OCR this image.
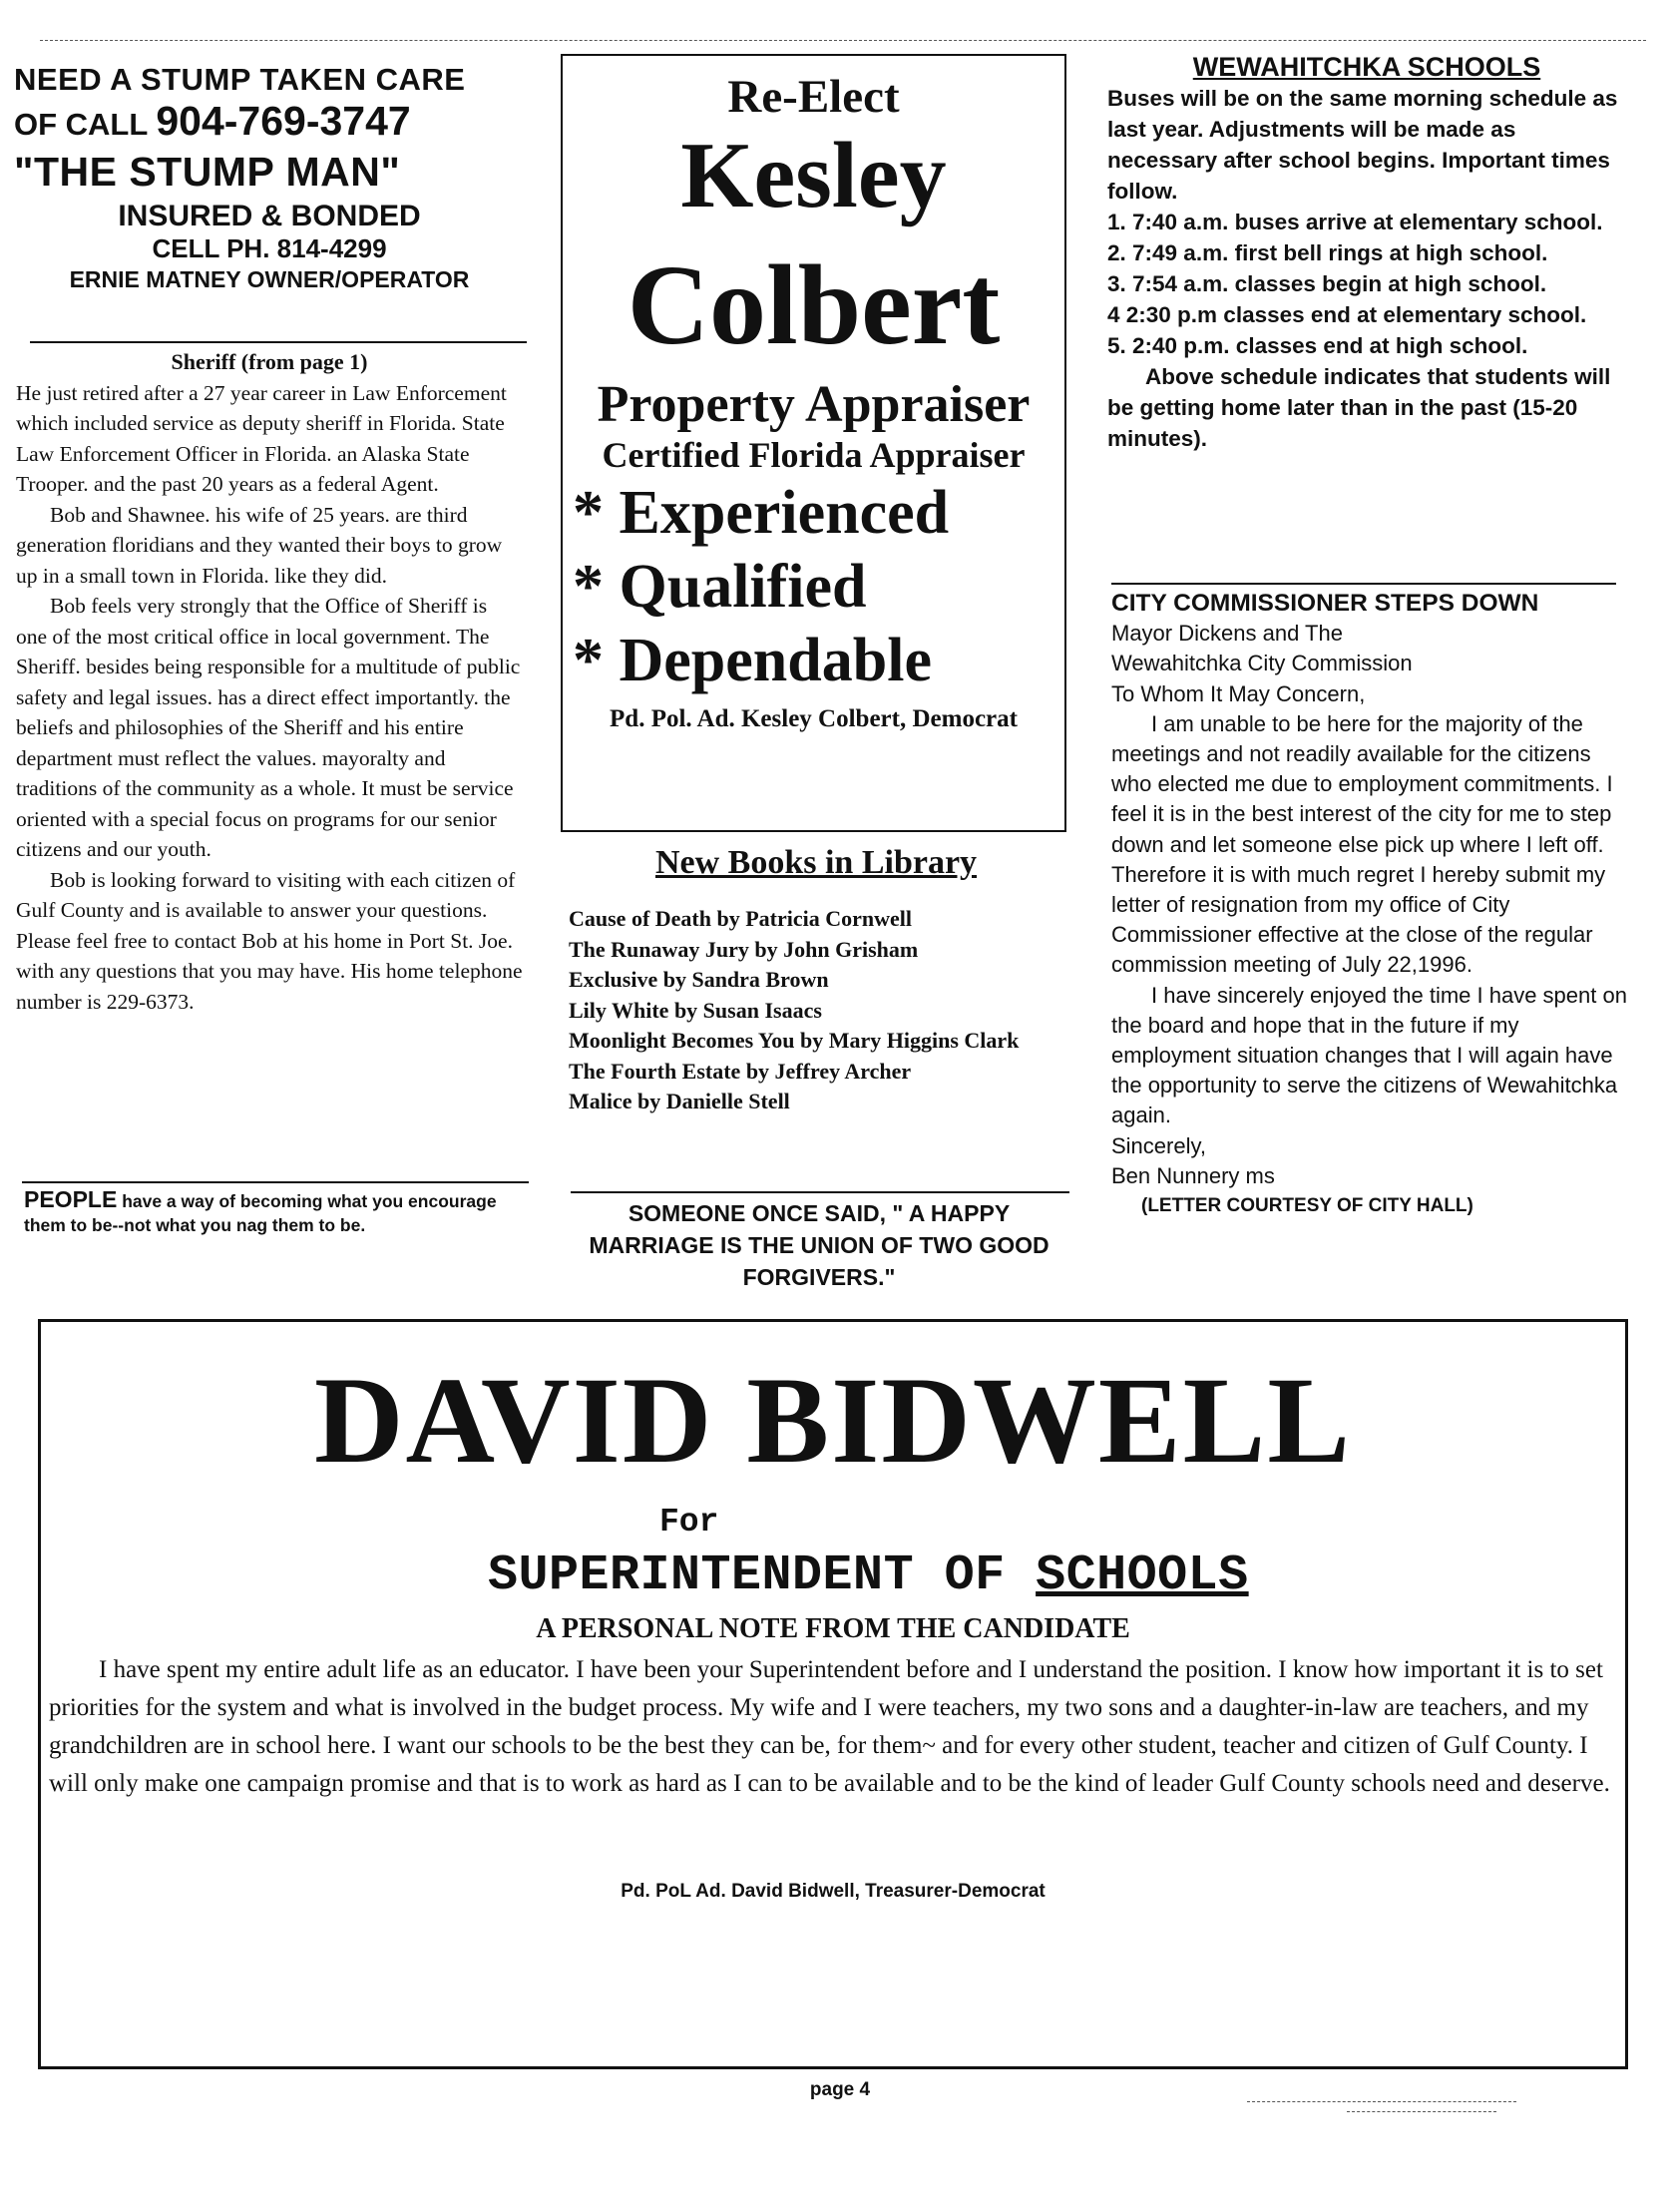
NEED A STUMP TAKEN CARE

OF CALL 904-769-3747

"THE STUMP MAN"

INSURED & BONDED

CELL PH. 814-4299

ERNIE MATNEY OWNER/OPERATOR

Sheriff (from page 1)

He just retired after a 27 year career in Law Enforcement which included service as deputy sheriff in Florida. State Law Enforcement Officer in Florida. an Alaska State Trooper. and the past 20 years as a federal Agent.

Bob and Shawnee. his wife of 25 years. are third generation floridians and they wanted their boys to grow up in a small town in Florida. like they did.

Bob feels very strongly that the Office of Sheriff is one of the most critical office in local government. The Sheriff. besides being responsible for a multitude of public safety and legal issues. has a direct effect importantly. the beliefs and philosophies of the Sheriff and his entire department must reflect the values. mayoralty and traditions of the community as a whole. It must be service oriented with a special focus on programs for our senior citizens and our youth.

Bob is looking forward to visiting with each citizen of Gulf County and is available to answer your questions. Please feel free to contact Bob at his home in Port St. Joe. with any questions that you may have. His home telephone number is 229-6373.

PEOPLE have a way of becoming what you encourage them to be--not what you nag them to be.

Re-Elect

Kesley

Colbert

Property Appraiser

Certified Florida Appraiser

* Experienced

* Qualified

* Dependable

Pd. Pol. Ad. Kesley Colbert, Democrat

New Books in Library

Cause of Death by Patricia Cornwell
The Runaway Jury by John Grisham
Exclusive by Sandra Brown
Lily White by Susan Isaacs
Moonlight Becomes You by Mary Higgins Clark
The Fourth Estate by Jeffrey Archer
Malice by Danielle Stell
SOMEONE ONCE SAID, " A HAPPY MARRIAGE IS THE UNION OF TWO GOOD FORGIVERS."

WEWAHITCHKA SCHOOLS

Buses will be on the same morning schedule as last year. Adjustments will be made as necessary after school begins. Important times follow.

1. 7:40 a.m. buses arrive at elementary school.

2. 7:49 a.m. first bell rings at high school.

3. 7:54 a.m. classes begin at high school.

4 2:30 p.m classes end at elementary school.

5. 2:40 p.m. classes end at high school.

Above schedule indicates that students will be getting home later than in the past (15-20 minutes).

CITY COMMISSIONER STEPS DOWN

Mayor Dickens and The

Wewahitchka City Commission

To Whom It May Concern,

I am unable to be here for the majority of the meetings and not readily available for the citizens who elected me due to employment commitments. I feel it is in the best interest of the city for me to step down and let someone else pick up where I left off. Therefore it is with much regret I hereby submit my letter of resignation from my office of City Commissioner effective at the close of the regular commission meeting of July 22,1996.

I have sincerely enjoyed the time I have spent on the board and hope that in the future if my employment situation changes that I will again have the opportunity to serve the citizens of Wewahitchka again.

Sincerely,

Ben Nunnery ms

(LETTER COURTESY OF CITY HALL)

DAVID BIDWELL

For

SUPERINTENDENT OF SCHOOLS

A PERSONAL NOTE FROM THE CANDIDATE

I have spent my entire adult life as an educator. I have been your Superintendent before and I understand the position. I know how important it is to set priorities for the system and what is involved in the budget process. My wife and I were teachers, my two sons and a daughter-in-law are teachers, and my grandchildren are in school here. I want our schools to be the best they can be, for them~ and for every other student, teacher and citizen of Gulf County. I will only make one campaign promise and that is to work as hard as I can to be available and to be the kind of leader Gulf County schools need and deserve.

Pd. PoL Ad. David Bidwell, Treasurer-Democrat

page 4
